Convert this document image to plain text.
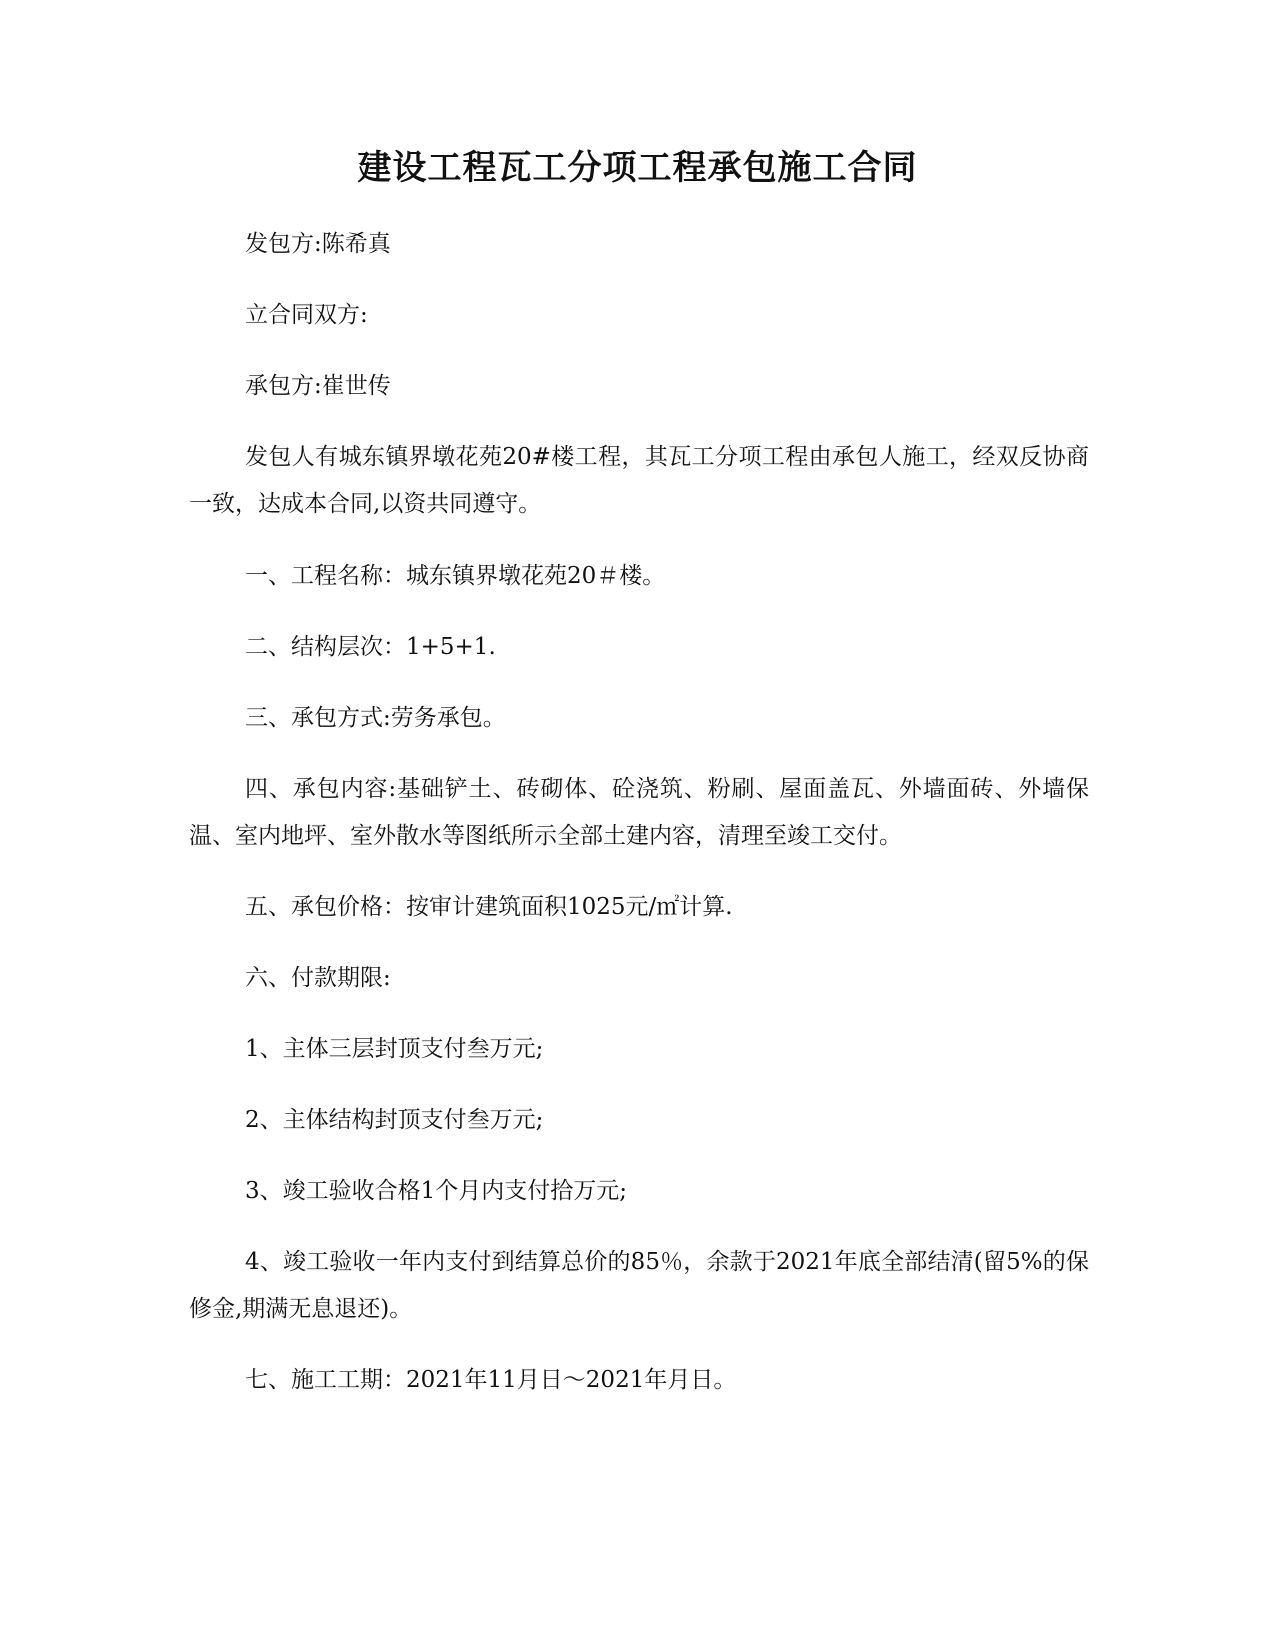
建设工程瓦工分项工程承包施工合同
发包方:陈希真
立合同双方:
承包方:崔世传
发包人有城东镇界墩花苑20#楼工程，其瓦工分项工程由承包人施工，经双反协商一致，达成本合同,以资共同遵守。
一、工程名称：城东镇界墩花苑20＃楼。
二、结构层次：1+5+1.
三、承包方式:劳务承包。
四、承包内容:基础铲土、砖砌体、砼浇筑、粉刷、屋面盖瓦、外墙面砖、外墙保温、室内地坪、室外散水等图纸所示全部土建内容，清理至竣工交付。
五、承包价格：按审计建筑面积1025元/㎡计算.
六、付款期限:
1、主体三层封顶支付叁万元;
2、主体结构封顶支付叁万元;
3、竣工验收合格1个月内支付拾万元;
4、竣工验收一年内支付到结算总价的85％，余款于2021年底全部结清(留5%的保修金,期满无息退还)。
七、施工工期：2021年11月日～2021年月日。
